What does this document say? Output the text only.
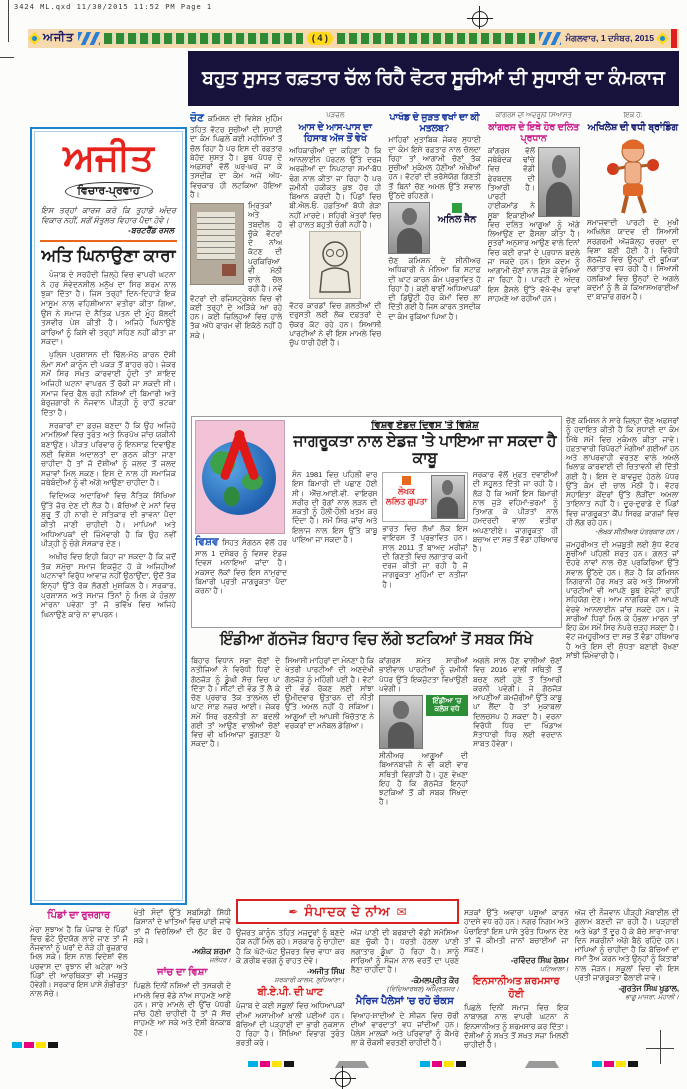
3424 ML.qxd 11/30/2015 11:52 PM Page 1
ਅਜੀਤ	( 4 )	ਮੰਗਲਵਾਰ, 1 ਦਸੰਬਰ, 2015
ਬਹੁਤ ਸੁਸਤ ਰਫ਼ਤਾਰ ਚੱਲ ਰਿਹੈ ਵੋਟਰ ਸੂਚੀਆਂ ਦੀ ਸੁਧਾਈ ਦਾ ਕੰਮਕਾਜ
ਅਜੀਤ
ਵਿਚਾਰ-ਪ੍ਰਵਾਹ
ਇਸ ਤਰ੍ਹਾਂ ਕਾਰਜ ਕਰੋ ਕਿ ਤੁਹਾਡੇ ਅੰਦਰ ਵਿਕਾਰ ਨਹੀਂ, ਸਗੋਂ ਸੰਤੁਲਤ ਵਿਹਾਰ ਪੈਦਾ ਹੋਵੇ।
-ਬਰਟਰੈਂਡ ਰਸਲ
ਅਤਿ ਘਿਨਾਉਣਾ ਕਾਰਾ

ਪੰਜਾਬ ਦੇ ਸਰਹੱਦੀ ਜ਼ਿਲ੍ਹੇ ਵਿਚ ਵਾਪਰੀ ਘਟਨਾ ਨੇ ਹਰ ਸੰਵੇਦਨਸ਼ੀਲ ਮਨੁੱਖ ਦਾ ਸਿਰ ਸ਼ਰਮ ਨਾਲ ਝੁਕਾ ਦਿੱਤਾ ਹੈ। ਜਿਸ ਤਰ੍ਹਾਂ ਦਿਨ-ਦਿਹਾੜੇ ਇਕ ਮਾਸੂਮ ਨਾਲ ਵਹਿਸ਼ੀਆਨਾ ਵਤੀਰਾ ਕੀਤਾ ਗਿਆ, ਉਸ ਨੇ ਸਮਾਜ ਦੇ ਨੈਤਿਕ ਪਤਨ ਦੀ ਮੂੰਹ ਬੋਲਦੀ ਤਸਵੀਰ ਪੇਸ਼ ਕੀਤੀ ਹੈ। ਅਜਿਹੇ ਘਿਨਾਉਣੇ ਕਾਰਿਆਂ ਨੂੰ ਕਿਸੇ ਵੀ ਤਰ੍ਹਾਂ ਸਹਿਣ ਨਹੀਂ ਕੀਤਾ ਜਾ ਸਕਦਾ।

ਪੁਲਿਸ ਪ੍ਰਸ਼ਾਸਨ ਦੀ ਢਿੱਲ-ਮੱਠ ਕਾਰਨ ਦੋਸ਼ੀ ਲੰਮਾ ਸਮਾਂ ਕਾਨੂੰਨ ਦੀ ਪਕੜ ਤੋਂ ਬਾਹਰ ਰਹੇ। ਜੇਕਰ ਸਮੇਂ ਸਿਰ ਸਖ਼ਤ ਕਾਰਵਾਈ ਹੁੰਦੀ ਤਾਂ ਸ਼ਾਇਦ ਅਜਿਹੀ ਘਟਨਾ ਵਾਪਰਨ ਤੋਂ ਰੋਕੀ ਜਾ ਸਕਦੀ ਸੀ। ਸਮਾਜ ਵਿਚ ਫੈਲ ਰਹੀ ਨਸ਼ਿਆਂ ਦੀ ਬਿਮਾਰੀ ਅਤੇ ਬੇਰੁਜ਼ਗਾਰੀ ਨੇ ਨੌਜਵਾਨ ਪੀੜ੍ਹੀ ਨੂੰ ਰਾਹੋਂ ਭਟਕਾ ਦਿੱਤਾ ਹੈ।

ਸਰਕਾਰਾਂ ਦਾ ਫ਼ਰਜ਼ ਬਣਦਾ ਹੈ ਕਿ ਉਹ ਅਜਿਹੇ ਮਾਮਲਿਆਂ ਵਿਚ ਤੁਰੰਤ ਅਤੇ ਨਿਰਪੱਖ ਜਾਂਚ ਯਕੀਨੀ ਬਣਾਉਣ। ਪੀੜਤ ਪਰਿਵਾਰ ਨੂੰ ਇਨਸਾਫ਼ ਦਿਵਾਉਣ ਲਈ ਵਿਸ਼ੇਸ਼ ਅਦਾਲਤਾਂ ਦਾ ਗਠਨ ਕੀਤਾ ਜਾਣਾ ਚਾਹੀਦਾ ਹੈ ਤਾਂ ਜੋ ਦੋਸ਼ੀਆਂ ਨੂੰ ਜਲਦ ਤੋਂ ਜਲਦ ਸਜ਼ਾਵਾਂ ਮਿਲ ਸਕਣ। ਇਸ ਦੇ ਨਾਲ ਹੀ ਸਮਾਜਿਕ ਜਥੇਬੰਦੀਆਂ ਨੂੰ ਵੀ ਅੱਗੇ ਆਉਣਾ ਚਾਹੀਦਾ ਹੈ।

ਵਿਦਿਅਕ ਅਦਾਰਿਆਂ ਵਿਚ ਨੈਤਿਕ ਸਿੱਖਿਆ ਉੱਤੇ ਜ਼ੋਰ ਦੇਣ ਦੀ ਲੋੜ ਹੈ। ਬੱਚਿਆਂ ਦੇ ਮਨਾਂ ਵਿਚ ਸ਼ੁਰੂ ਤੋਂ ਹੀ ਨਾਰੀ ਦੇ ਸਤਿਕਾਰ ਦੀ ਭਾਵਨਾ ਪੈਦਾ ਕੀਤੀ ਜਾਣੀ ਚਾਹੀਦੀ ਹੈ। ਮਾਪਿਆਂ ਅਤੇ ਅਧਿਆਪਕਾਂ ਦੀ ਜ਼ਿੰਮੇਵਾਰੀ ਹੈ ਕਿ ਉਹ ਨਵੀਂ ਪੀੜ੍ਹੀ ਨੂੰ ਚੰਗੇ ਸੰਸਕਾਰ ਦੇਣ।

ਅਖ਼ੀਰ ਵਿਚ ਇਹੀ ਕਿਹਾ ਜਾ ਸਕਦਾ ਹੈ ਕਿ ਜਦੋਂ ਤੱਕ ਸਮੁੱਚਾ ਸਮਾਜ ਇਕਜੁੱਟ ਹੋ ਕੇ ਅਜਿਹੀਆਂ ਘਟਨਾਵਾਂ ਵਿਰੁੱਧ ਆਵਾਜ਼ ਨਹੀਂ ਉਠਾਉਂਦਾ, ਉਦੋਂ ਤੱਕ ਇਨ੍ਹਾਂ ਉੱਤੇ ਰੋਕ ਲੱਗਣੀ ਮੁਸ਼ਕਿਲ ਹੈ। ਸਰਕਾਰ, ਪ੍ਰਸ਼ਾਸਨ ਅਤੇ ਸਮਾਜ ਤਿੰਨਾਂ ਨੂੰ ਮਿਲ ਕੇ ਹੰਭਲਾ ਮਾਰਨਾ ਪਵੇਗਾ ਤਾਂ ਜੋ ਭਵਿੱਖ ਵਿਚ ਅਜਿਹੇ ਘਿਨਾਉਣੇ ਕਾਰੇ ਨਾ ਵਾਪਰਨ।

ਚੋਣ ਕਮਿਸ਼ਨ ਦੀ ਵਿਸ਼ੇਸ਼ ਮੁਹਿੰਮ ਤਹਿਤ ਵੋਟਰ ਸੂਚੀਆਂ ਦੀ ਸੁਧਾਈ ਦਾ ਕੰਮ ਪਿਛਲੇ ਕਈ ਮਹੀਨਿਆਂ ਤੋਂ ਚੱਲ ਰਿਹਾ ਹੈ ਪਰ ਇਸ ਦੀ ਰਫ਼ਤਾਰ ਬੇਹੱਦ ਸੁਸਤ ਹੈ। ਬੂਥ ਪੱਧਰ ਦੇ ਅਫ਼ਸਰਾਂ ਵੱਲੋਂ ਘਰ-ਘਰ ਜਾ ਕੇ ਤਸਦੀਕ ਦਾ ਕੰਮ ਅਜੇ ਅੱਧ-ਵਿਚਕਾਰ ਹੀ ਲਟਕਿਆ ਹੋਇਆ ਹੈ।

ਮ੍ਰਿਤਕਾਂ ਅਤੇ ਤਬਦੀਲ ਹੋ ਚੁੱਕੇ ਵੋਟਰਾਂ ਦੇ ਨਾਂਅ ਕੱਟਣ ਦੀ ਪ੍ਰਕਿਰਿਆ ਵੀ ਮੱਠੀ ਚਾਲੇ ਚੱਲ ਰਹੀ ਹੈ। ਨਵੇਂ ਵੋਟਰਾਂ ਦੀ ਰਜਿਸਟ੍ਰੇਸ਼ਨ ਵਿਚ ਵੀ ਕਈ ਤਰ੍ਹਾਂ ਦੇ ਅੜਿੱਕੇ ਆ ਰਹੇ ਹਨ। ਕਈ ਜ਼ਿਲ੍ਹਿਆਂ ਵਿਚ ਹਾਲੇ ਤੱਕ ਅੱਧੇ ਫਾਰਮ ਵੀ ਇਕੱਠੇ ਨਹੀਂ ਹੋ ਸਕੇ।

ਪੜਚੋਲ

ਆਸ ਦੇ ਆਸ-ਪਾਸ ਦਾ ਹਿਸਾਬ ਅੱਜ ਤੋਂ ਵੇਖੋ

ਅਧਿਕਾਰੀਆਂ ਦਾ ਕਹਿਣਾ ਹੈ ਕਿ ਆਨਲਾਈਨ ਪੋਰਟਲ ਉੱਤੇ ਦਰਜ ਅਰਜ਼ੀਆਂ ਦਾ ਨਿਪਟਾਰਾ ਸਮਾਂ-ਬੱਧ ਢੰਗ ਨਾਲ ਕੀਤਾ ਜਾ ਰਿਹਾ ਹੈ ਪਰ ਜ਼ਮੀਨੀ ਹਕੀਕਤ ਕੁਝ ਹੋਰ ਹੀ ਬਿਆਨ ਕਰਦੀ ਹੈ। ਪਿੰਡਾਂ ਵਿਚ ਬੀ.ਐਲ.ਓ. ਹਫ਼ਤਿਆਂ ਬੱਧੀ ਗੇੜਾ ਨਹੀਂ ਮਾਰਦੇ। ਸ਼ਹਿਰੀ ਖੇਤਰਾਂ ਵਿਚ ਵੀ ਹਾਲਤ ਬਹੁਤੀ ਚੰਗੀ ਨਹੀਂ ਹੈ।

ਵੋਟਰ ਕਾਰਡਾਂ ਵਿਚ ਗ਼ਲਤੀਆਂ ਦੀ ਦਰੁਸਤੀ ਲਈ ਲੋਕ ਦਫ਼ਤਰਾਂ ਦੇ ਚੱਕਰ ਕੱਟ ਰਹੇ ਹਨ। ਸਿਆਸੀ ਪਾਰਟੀਆਂ ਨੇ ਵੀ ਇਸ ਮਾਮਲੇ ਵਿਚ ਚੁੱਪ ਧਾਰੀ ਹੋਈ ਹੈ।

ਪਾਖੰਡ ਦੇ ਜੁੜਤ ਵਖਾਂ ਦਾ ਕੀ ਮਤਲਬ?

ਮਾਹਿਰਾਂ ਮੁਤਾਬਿਕ ਜੇਕਰ ਸੁਧਾਈ ਦਾ ਕੰਮ ਇਸੇ ਰਫ਼ਤਾਰ ਨਾਲ ਚੱਲਦਾ ਰਿਹਾ ਤਾਂ ਆਗਾਮੀ ਚੋਣਾਂ ਤੱਕ ਸੂਚੀਆਂ ਮੁਕੰਮਲ ਹੋਣੀਆਂ ਔਖੀਆਂ ਹਨ। ਵੋਟਰਾਂ ਦੀ ਭਰੋਸੇਯੋਗ ਗਿਣਤੀ ਤੋਂ ਬਿਨਾਂ ਚੋਣ ਅਮਲ ਉੱਤੇ ਸਵਾਲ ਉੱਠਦੇ ਰਹਿਣਗੇ।

ਅਨਿਲ ਜੈਨ

ਚੋਣ ਕਮਿਸ਼ਨ ਦੇ ਸੀਨੀਅਰ ਅਧਿਕਾਰੀ ਨੇ ਮੰਨਿਆ ਕਿ ਸਟਾਫ਼ ਦੀ ਘਾਟ ਕਾਰਨ ਕੰਮ ਪ੍ਰਭਾਵਿਤ ਹੋ ਰਿਹਾ ਹੈ। ਕਈ ਥਾਈਂ ਅਧਿਆਪਕਾਂ ਦੀ ਡਿਊਟੀ ਹੋਰ ਕੰਮਾਂ ਵਿਚ ਲਾ ਦਿੱਤੀ ਗਈ ਹੈ ਜਿਸ ਕਾਰਨ ਤਸਦੀਕ ਦਾ ਕੰਮ ਰੁਕਿਆ ਪਿਆ ਹੈ।

ਕਾਂਗਰਸ ਦੀ ਅੰਦਰੂਨੀ ਸਿਆਸਤ

ਕਾਂਗਰਸ ਦੇ ਇਥੇ ਹੋਰ ਦਲਿਤ ਪ੍ਰਧਾਨ

ਕਾਂਗਰਸ ਵੱਲੋਂ ਜਥੇਬੰਦਕ ਢਾਂਚੇ ਵਿਚ ਵੱਡੀ ਫੇਰਬਦਲ ਦੀ ਤਿਆਰੀ ਹੈ। ਪਾਰਟੀ ਹਾਈਕਮਾਂਡ ਨੇ ਸੂਬਾ ਇਕਾਈਆਂ ਵਿਚ ਦਲਿਤ ਆਗੂਆਂ ਨੂੰ ਅੱਗੇ ਲਿਆਉਣ ਦਾ ਫ਼ੈਸਲਾ ਕੀਤਾ ਹੈ। ਸੂਤਰਾਂ ਅਨੁਸਾਰ ਆਉਣ ਵਾਲੇ ਦਿਨਾਂ ਵਿਚ ਕਈ ਰਾਜਾਂ ਦੇ ਪ੍ਰਧਾਨ ਬਦਲੇ ਜਾ ਸਕਦੇ ਹਨ। ਇਸ ਕਦਮ ਨੂੰ ਆਗਾਮੀ ਚੋਣਾਂ ਨਾਲ ਜੋੜ ਕੇ ਵੇਖਿਆ ਜਾ ਰਿਹਾ ਹੈ। ਪਾਰਟੀ ਦੇ ਅੰਦਰ ਇਸ ਫ਼ੈਸਲੇ ਉੱਤੇ ਵੱਖੋ-ਵੱਖ ਰਾਵਾਂ ਸਾਹਮਣੇ ਆ ਰਹੀਆਂ ਹਨ।

ਇਕ ਹੈ:

ਅਖਿਲੇਸ਼ ਦੀ ਵਧੀ ਬ੍ਰਾਂਡਿੰਗ

ਸਮਾਜਵਾਦੀ ਪਾਰਟੀ ਦੇ ਮੁਖੀ ਅਖਿਲੇਸ਼ ਯਾਦਵ ਦੀ ਸਿਆਸੀ ਸਰਗਰਮੀ ਅੱਜਕੱਲ੍ਹ ਚਰਚਾ ਦਾ ਵਿਸ਼ਾ ਬਣੀ ਹੋਈ ਹੈ। ਵਿਰੋਧੀ ਗੱਠਜੋੜ ਵਿਚ ਉਨ੍ਹਾਂ ਦੀ ਭੂਮਿਕਾ ਲਗਾਤਾਰ ਵਧ ਰਹੀ ਹੈ। ਸਿਆਸੀ ਹਲਕਿਆਂ ਵਿਚ ਉਨ੍ਹਾਂ ਦੇ ਅਗਲੇ ਕਦਮਾਂ ਨੂੰ ਲੈ ਕੇ ਕਿਆਸਅਰਾਈਆਂ ਦਾ ਬਾਜ਼ਾਰ ਗਰਮ ਹੈ।

ਵਿਸ਼ਵ ਸਿਹਤ ਸੰਗਠਨ ਵੱਲੋਂ ਹਰ ਸਾਲ 1 ਦਸੰਬਰ ਨੂੰ ਵਿਸ਼ਵ ਏਡਜ਼ ਦਿਵਸ ਮਨਾਇਆ ਜਾਂਦਾ ਹੈ। ਮਕਸਦ ਲੋਕਾਂ ਵਿਚ ਇਸ ਨਾਮੁਰਾਦ ਬਿਮਾਰੀ ਪ੍ਰਤੀ ਜਾਗਰੂਕਤਾ ਪੈਦਾ ਕਰਨਾ ਹੈ।

ਵਿਸ਼ਵ ਏਡਜ਼ ਦਿਵਸ 'ਤੇ ਵਿਸ਼ੇਸ਼
ਜਾਗਰੂਕਤਾ ਨਾਲ ਏਡਜ਼ 'ਤੇ ਪਾਇਆ ਜਾ ਸਕਦਾ ਹੈ ਕਾਬੂ

ਸੰਨ 1981 ਵਿਚ ਪਹਿਲੀ ਵਾਰ ਇਸ ਬਿਮਾਰੀ ਦੀ ਪਛਾਣ ਹੋਈ ਸੀ। ਐੱਚ.ਆਈ.ਵੀ. ਵਾਇਰਸ ਸਰੀਰ ਦੀ ਰੋਗਾਂ ਨਾਲ ਲੜਨ ਦੀ ਸ਼ਕਤੀ ਨੂੰ ਹੌਲੀ-ਹੌਲੀ ਖ਼ਤਮ ਕਰ ਦਿੰਦਾ ਹੈ। ਸਮੇਂ ਸਿਰ ਜਾਂਚ ਅਤੇ ਇਲਾਜ ਨਾਲ ਇਸ ਉੱਤੇ ਕਾਬੂ ਪਾਇਆ ਜਾ ਸਕਦਾ ਹੈ।

ਲੇਖਕ
ਲਲਿਤ ਗੁਪਤਾ

ਭਾਰਤ ਵਿਚ ਲੱਖਾਂ ਲੋਕ ਇਸ ਵਾਇਰਸ ਤੋਂ ਪ੍ਰਭਾਵਿਤ ਹਨ। ਸਾਲ 2011 ਤੋਂ ਬਾਅਦ ਮਰੀਜ਼ਾਂ ਦੀ ਗਿਣਤੀ ਵਿਚ ਲਗਾਤਾਰ ਕਮੀ ਦਰਜ ਕੀਤੀ ਜਾ ਰਹੀ ਹੈ ਜੋ ਜਾਗਰੂਕਤਾ ਮੁਹਿੰਮਾਂ ਦਾ ਨਤੀਜਾ ਹੈ।

ਸਰਕਾਰ ਵੱਲੋਂ ਮੁਫ਼ਤ ਦਵਾਈਆਂ ਦੀ ਸਹੂਲਤ ਦਿੱਤੀ ਜਾ ਰਹੀ ਹੈ। ਲੋੜ ਹੈ ਕਿ ਅਸੀਂ ਇਸ ਬਿਮਾਰੀ ਨਾਲ ਜੁੜੇ ਵਹਿਮਾਂ-ਭਰਮਾਂ ਨੂੰ ਤਿਆਗ ਕੇ ਪੀੜਤਾਂ ਨਾਲ ਹਮਦਰਦੀ ਵਾਲਾ ਵਤੀਰਾ ਅਪਣਾਈਏ। ਜਾਗਰੂਕਤਾ ਹੀ ਬਚਾਅ ਦਾ ਸਭ ਤੋਂ ਵੱਡਾ ਹਥਿਆਰ ਹੈ।

ਚੋਣ ਕਮਿਸ਼ਨ ਨੇ ਸਾਰੇ ਜ਼ਿਲ੍ਹਾ ਚੋਣ ਅਫ਼ਸਰਾਂ ਨੂੰ ਹਦਾਇਤ ਕੀਤੀ ਹੈ ਕਿ ਸੁਧਾਈ ਦਾ ਕੰਮ ਮਿੱਥੇ ਸਮੇਂ ਵਿਚ ਮੁਕੰਮਲ ਕੀਤਾ ਜਾਵੇ। ਹਫ਼ਤਾਵਾਰੀ ਰਿਪੋਰਟਾਂ ਮੰਗੀਆਂ ਗਈਆਂ ਹਨ ਅਤੇ ਲਾਪਰਵਾਹੀ ਵਰਤਣ ਵਾਲੇ ਅਮਲੇ ਖ਼ਿਲਾਫ਼ ਕਾਰਵਾਈ ਦੀ ਚਿਤਾਵਨੀ ਵੀ ਦਿੱਤੀ ਗਈ ਹੈ। ਇਸ ਦੇ ਬਾਵਜੂਦ ਹੇਠਲੇ ਪੱਧਰ ਉੱਤੇ ਕੰਮ ਦੀ ਚਾਲ ਮੱਠੀ ਹੈ। ਵੋਟਰ ਸਹਾਇਤਾ ਕੇਂਦਰਾਂ ਉੱਤੇ ਲੋੜੀਂਦਾ ਅਮਲਾ ਤਾਇਨਾਤ ਨਹੀਂ ਹੈ। ਦੂਰ-ਦੁਰਾਡੇ ਦੇ ਪਿੰਡਾਂ ਵਿਚ ਜਾਗਰੂਕਤਾ ਕੈਂਪ ਸਿਰਫ਼ ਕਾਗਜ਼ਾਂ ਵਿਚ ਹੀ ਲੱਗ ਰਹੇ ਹਨ।

-ਲੇਖਕ ਸੀਨੀਅਰ ਪੱਤਰਕਾਰ ਹਨ।

ਜਮਹੂਰੀਅਤ ਦੀ ਮਜ਼ਬੂਤੀ ਲਈ ਸ਼ੁੱਧ ਵੋਟਰ ਸੂਚੀਆਂ ਪਹਿਲੀ ਸ਼ਰਤ ਹਨ। ਗ਼ਲਤ ਜਾਂ ਦੋਹਰੇ ਨਾਵਾਂ ਨਾਲ ਚੋਣ ਪ੍ਰਕਿਰਿਆ ਉੱਤੇ ਸਵਾਲ ਉੱਠਦੇ ਹਨ। ਲੋੜ ਹੈ ਕਿ ਕਮਿਸ਼ਨ ਨਿਗਰਾਨੀ ਹੋਰ ਸਖ਼ਤ ਕਰੇ ਅਤੇ ਸਿਆਸੀ ਪਾਰਟੀਆਂ ਵੀ ਆਪਣੇ ਬੂਥ ਏਜੰਟਾਂ ਰਾਹੀਂ ਸਹਿਯੋਗ ਦੇਣ। ਆਮ ਨਾਗਰਿਕ ਵੀ ਆਪਣੇ ਵੇਰਵੇ ਆਨਲਾਈਨ ਜਾਂਚ ਸਕਦੇ ਹਨ। ਜੇ ਸਾਰੀਆਂ ਧਿਰਾਂ ਮਿਲ ਕੇ ਹੰਭਲਾ ਮਾਰਨ ਤਾਂ ਇਹ ਕੰਮ ਸਮੇਂ ਸਿਰ ਨੇਪਰੇ ਚੜ੍ਹ ਸਕਦਾ ਹੈ। ਵੋਟ ਜਮਹੂਰੀਅਤ ਦਾ ਸਭ ਤੋਂ ਵੱਡਾ ਹਥਿਆਰ ਹੈ ਅਤੇ ਇਸ ਦੀ ਸ਼ੁੱਧਤਾ ਬਣਾਈ ਰੱਖਣਾ ਸਾਂਝੀ ਜ਼ਿੰਮੇਵਾਰੀ ਹੈ।

ਇੰਡੀਆ ਗੱਠਜੋੜ ਬਿਹਾਰ ਵਿਚ ਲੱਗੇ ਝਟਕਿਆਂ ਤੋਂ ਸਬਕ ਸਿੱਖੇ

ਬਿਹਾਰ ਵਿਧਾਨ ਸਭਾ ਚੋਣਾਂ ਦੇ ਨਤੀਜਿਆਂ ਨੇ ਵਿਰੋਧੀ ਧਿਰਾਂ ਦੇ ਗੱਠਜੋੜ ਨੂੰ ਡੂੰਘੀ ਸੋਚ ਵਿਚ ਪਾ ਦਿੱਤਾ ਹੈ। ਸੀਟਾਂ ਦੀ ਵੰਡ ਤੋਂ ਲੈ ਕੇ ਚੋਣ ਪ੍ਰਚਾਰ ਤੱਕ ਤਾਲਮੇਲ ਦੀ ਘਾਟ ਸਾਫ਼ ਨਜ਼ਰ ਆਈ। ਜੇਕਰ ਸਮੇਂ ਸਿਰ ਰਣਨੀਤੀ ਨਾ ਬਦਲੀ ਗਈ ਤਾਂ ਆਉਣ ਵਾਲੀਆਂ ਚੋਣਾਂ ਵਿਚ ਵੀ ਖ਼ਮਿਆਜ਼ਾ ਭੁਗਤਣਾ ਪੈ ਸਕਦਾ ਹੈ।

ਸਿਆਸੀ ਮਾਹਿਰਾਂ ਦਾ ਮੰਨਣਾ ਹੈ ਕਿ ਖੇਤਰੀ ਪਾਰਟੀਆਂ ਦੀ ਅਣਦੇਖੀ ਗੱਠਜੋੜ ਨੂੰ ਮਹਿੰਗੀ ਪਈ ਹੈ। ਵੋਟਾਂ ਦੀ ਵੰਡ ਰੋਕਣ ਲਈ ਸਾਂਝਾ ਉਮੀਦਵਾਰ ਉਤਾਰਨ ਦੀ ਨੀਤੀ ਉੱਤੇ ਅਮਲ ਨਹੀਂ ਹੋ ਸਕਿਆ। ਆਗੂਆਂ ਦੀ ਆਪਸੀ ਖਿੱਚੋਤਾਣ ਨੇ ਵਰਕਰਾਂ ਦਾ ਮਨੋਬਲ ਡੇਗਿਆ।

ਕਾਂਗਰਸ ਸਮੇਤ ਸਾਰੀਆਂ ਭਾਈਵਾਲ ਪਾਰਟੀਆਂ ਨੂੰ ਜ਼ਮੀਨੀ ਪੱਧਰ ਉੱਤੇ ਇਕਜੁੱਟਤਾ ਵਿਖਾਉਣੀ ਪਵੇਗੀ।

ਇੰਡੀਆ 'ਚ ਕਲੇਸ਼ ਵਧੇ

ਸੀਨੀਅਰ ਆਗੂਆਂ ਦੀ ਬਿਆਨਬਾਜ਼ੀ ਨੇ ਵੀ ਕਈ ਵਾਰ ਸਥਿਤੀ ਵਿਗਾੜੀ ਹੈ। ਹੁਣ ਵੇਖਣਾ ਇਹ ਹੈ ਕਿ ਗੱਠਜੋੜ ਇਨ੍ਹਾਂ ਝਟਕਿਆਂ ਤੋਂ ਕੀ ਸਬਕ ਸਿੱਖਦਾ ਹੈ।

ਅਗਲੇ ਸਾਲ ਹੋਣ ਵਾਲੀਆਂ ਚੋਣਾਂ ਵਿਚ 2016 ਵਾਲੀ ਸਥਿਤੀ ਤੋਂ ਬਚਣ ਲਈ ਹੁਣੇ ਤੋਂ ਤਿਆਰੀ ਕਰਨੀ ਪਵੇਗੀ। ਜੇ ਗੱਠਜੋੜ ਆਪਣੀਆਂ ਕਮਜ਼ੋਰੀਆਂ ਉੱਤੇ ਕਾਬੂ ਪਾ ਲੈਂਦਾ ਹੈ ਤਾਂ ਮੁਕਾਬਲਾ ਦਿਲਚਸਪ ਹੋ ਸਕਦਾ ਹੈ। ਵਰਨਾ ਵਿਰੋਧੀ ਧਿਰ ਦਾ ਖਿੰਡਾਅ ਸੱਤਾਧਾਰੀ ਧਿਰ ਲਈ ਵਰਦਾਨ ਸਾਬਤ ਹੋਵੇਗਾ।

ਪਿੰਡਾਂ ਦਾ ਰੁਜ਼ਗਾਰ

ਮੇਰਾ ਸੁਝਾਅ ਹੈ ਕਿ ਪੰਜਾਬ ਦੇ ਪਿੰਡਾਂ ਵਿਚ ਛੋਟੇ ਉਦਯੋਗ ਲਾਏ ਜਾਣ ਤਾਂ ਜੋ ਨੌਜਵਾਨਾਂ ਨੂੰ ਘਰਾਂ ਦੇ ਨੇੜੇ ਹੀ ਰੁਜ਼ਗਾਰ ਮਿਲ ਸਕੇ। ਇਸ ਨਾਲ ਵਿਦੇਸ਼ਾਂ ਵੱਲ ਪਰਵਾਸ ਦਾ ਰੁਝਾਨ ਵੀ ਘਟੇਗਾ ਅਤੇ ਪਿੰਡਾਂ ਦੀ ਆਰਥਿਕਤਾ ਵੀ ਮਜ਼ਬੂਤ ਹੋਵੇਗੀ। ਸਰਕਾਰ ਇਸ ਪਾਸੇ ਗੰਭੀਰਤਾ ਨਾਲ ਸੋਚੇ।

ਖੇਤੀ ਸੰਦਾਂ ਉੱਤੇ ਸਬਸਿਡੀ ਸਿੱਧੀ ਕਿਸਾਨਾਂ ਦੇ ਖਾਤਿਆਂ ਵਿਚ ਪਾਈ ਜਾਵੇ ਤਾਂ ਜੋ ਵਿਚੋਲਿਆਂ ਦੀ ਲੁੱਟ ਬੰਦ ਹੋ ਸਕੇ।

-ਅਸ਼ੋਕ ਸ਼ਰਮਾ
ਜਲੰਧਰ।
ਜਾਂਚ ਦਾ ਵਿਸ਼ਾ

ਪਿਛਲੇ ਦਿਨੀਂ ਨਸ਼ਿਆਂ ਦੀ ਤਸਕਰੀ ਦੇ ਮਾਮਲੇ ਵਿਚ ਵੱਡੇ ਨਾਂਅ ਸਾਹਮਣੇ ਆਏ ਹਨ। ਸਾਰੇ ਮਾਮਲੇ ਦੀ ਉੱਚ ਪੱਧਰੀ ਜਾਂਚ ਹੋਣੀ ਚਾਹੀਦੀ ਹੈ ਤਾਂ ਜੋ ਸੱਚ ਸਾਹਮਣੇ ਆ ਸਕੇ ਅਤੇ ਦੋਸ਼ੀ ਬੇਨਕਾਬ ਹੋਣ।

✒ ਸੰਪਾਦਕ ਦੇ ਨਾਂਅ ✉

ਉਜਰਤ ਕਾਨੂੰਨ ਤਹਿਤ ਮਜ਼ਦੂਰਾਂ ਨੂੰ ਬਣਦੇ ਹੱਕ ਨਹੀਂ ਮਿਲ ਰਹੇ। ਸਰਕਾਰ ਨੂੰ ਚਾਹੀਦਾ ਹੈ ਕਿ ਘੱਟੋ-ਘੱਟ ਉਜਰਤ ਵਿਚ ਵਾਧਾ ਕਰ ਕੇ ਗ਼ਰੀਬ ਵਰਗ ਨੂੰ ਰਾਹਤ ਦੇਵੇ।

-ਅਜੀਤ ਸਿੰਘ
ਸਰਕਾਰੀ ਕਾਲਜ, ਲੁਧਿਆਣਾ।
ਬੀ.ਏ.ਪੀ. ਦੀ ਘਾਟ

ਪੰਜਾਬ ਦੇ ਕਈ ਸਕੂਲਾਂ ਵਿਚ ਅਧਿਆਪਕਾਂ ਦੀਆਂ ਅਸਾਮੀਆਂ ਖ਼ਾਲੀ ਪਈਆਂ ਹਨ। ਬੱਚਿਆਂ ਦੀ ਪੜ੍ਹਾਈ ਦਾ ਭਾਰੀ ਨੁਕਸਾਨ ਹੋ ਰਿਹਾ ਹੈ। ਸਿੱਖਿਆ ਵਿਭਾਗ ਤੁਰੰਤ ਭਰਤੀ ਕਰੇ।

ਅੱਜ ਪਾਣੀ ਦੀ ਬਰਬਾਦੀ ਵੱਡੀ ਸਮੱਸਿਆ ਬਣ ਚੁੱਕੀ ਹੈ। ਧਰਤੀ ਹੇਠਲਾ ਪਾਣੀ ਲਗਾਤਾਰ ਡੂੰਘਾ ਹੋ ਰਿਹਾ ਹੈ। ਸਾਨੂੰ ਸਾਰਿਆਂ ਨੂੰ ਸੰਜਮ ਨਾਲ ਵਰਤੋਂ ਦਾ ਪ੍ਰਣ ਲੈਣਾ ਚਾਹੀਦਾ ਹੈ।

-ਕੋਮਲਪ੍ਰੀਤ ਕੌਰ
(ਵਿਦਿਆਰਥਣ) ਅੰਮ੍ਰਿਤਸਰ।
ਮੈਰਿਜ ਪੈਲੇਸਾਂ 'ਚ ਰਹੋ ਚੌਕਸ

ਵਿਆਹ-ਸ਼ਾਦੀਆਂ ਦੇ ਸੀਜ਼ਨ ਵਿਚ ਚੋਰੀ ਦੀਆਂ ਵਾਰਦਾਤਾਂ ਵਧ ਜਾਂਦੀਆਂ ਹਨ। ਪੈਲੇਸ ਮਾਲਕਾਂ ਅਤੇ ਪਰਿਵਾਰਾਂ ਨੂੰ ਕੈਮਰੇ ਲਾ ਕੇ ਚੌਕਸੀ ਵਰਤਣੀ ਚਾਹੀਦੀ ਹੈ।

ਸੜਕਾਂ ਉੱਤੇ ਅਵਾਰਾ ਪਸ਼ੂਆਂ ਕਾਰਨ ਹਾਦਸੇ ਵਧ ਰਹੇ ਹਨ। ਨਗਰ ਨਿਗਮ ਅਤੇ ਪੰਚਾਇਤਾਂ ਇਸ ਪਾਸੇ ਤੁਰੰਤ ਧਿਆਨ ਦੇਣ ਤਾਂ ਜੋ ਕੀਮਤੀ ਜਾਨਾਂ ਬਚਾਈਆਂ ਜਾ ਸਕਣ।

-ਰਵਿੰਦਰ ਸਿੰਘ ਰੋਸ਼ਮ
ਪਟਿਆਲਾ।
ਇਨਸਾਨੀਅਤ ਸ਼ਰਮਸਾਰ ਹੋਈ

ਪਿਛਲੇ ਦਿਨੀਂ ਸਮਾਜ ਵਿਚ ਇਕ ਨਾਬਾਲਗ ਨਾਲ ਵਾਪਰੀ ਘਟਨਾ ਨੇ ਇਨਸਾਨੀਅਤ ਨੂੰ ਸ਼ਰਮਸਾਰ ਕਰ ਦਿੱਤਾ। ਦੋਸ਼ੀਆਂ ਨੂੰ ਸਖ਼ਤ ਤੋਂ ਸਖ਼ਤ ਸਜ਼ਾ ਮਿਲਣੀ ਚਾਹੀਦੀ ਹੈ।

ਅੱਜ ਦੀ ਨੌਜਵਾਨ ਪੀੜ੍ਹੀ ਮੋਬਾਈਲ ਦੀ ਗ਼ੁਲਾਮ ਬਣਦੀ ਜਾ ਰਹੀ ਹੈ। ਪੜ੍ਹਾਈ ਅਤੇ ਖੇਡਾਂ ਤੋਂ ਦੂਰ ਹੋ ਕੇ ਬੱਚੇ ਸਾਰਾ-ਸਾਰਾ ਦਿਨ ਸਕਰੀਨਾਂ ਅੱਗੇ ਬੈਠੇ ਰਹਿੰਦੇ ਹਨ। ਮਾਪਿਆਂ ਨੂੰ ਚਾਹੀਦਾ ਹੈ ਕਿ ਬੱਚਿਆਂ ਦਾ ਸਮਾਂ ਤੈਅ ਕਰਨ ਅਤੇ ਉਨ੍ਹਾਂ ਨੂੰ ਕਿਤਾਬਾਂ ਨਾਲ ਜੋੜਨ। ਸਕੂਲਾਂ ਵਿਚ ਵੀ ਇਸ ਪ੍ਰਤੀ ਜਾਗਰੂਕਤਾ ਫੈਲਾਈ ਜਾਵੇ।

-ਗੁਰਤੇਜ ਸਿੰਘ ਖੁਡਾਲ,
ਭਾਗੂ ਮਾਜਰਾ, ਮੋਹਾਲੀ।
